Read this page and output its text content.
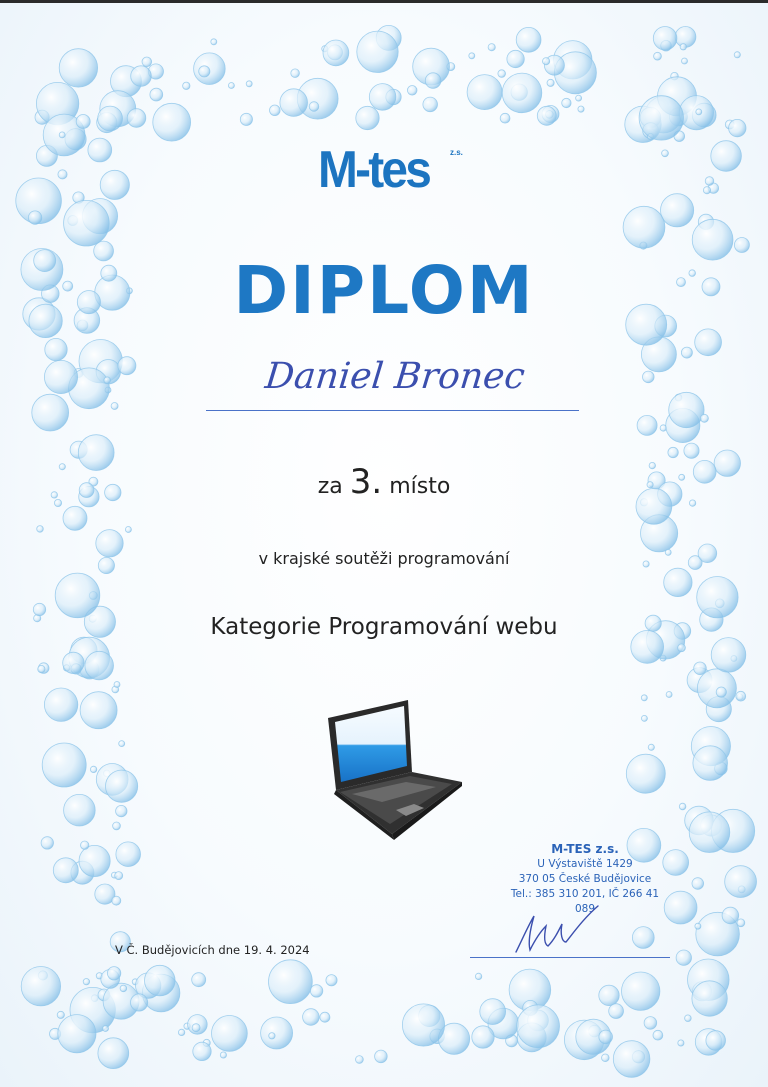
M-tes	z.s.
DIPLOM
Daniel Bronec
za 3. místo
v krajské soutěži programování
Kategorie Programování webu
M-TES z.s.
U Výstaviště 1429
370 05 České Budějovice
Tel.: 385 310 201, IČ 266 41 089
V Č. Budějovicích dne 19. 4. 2024
